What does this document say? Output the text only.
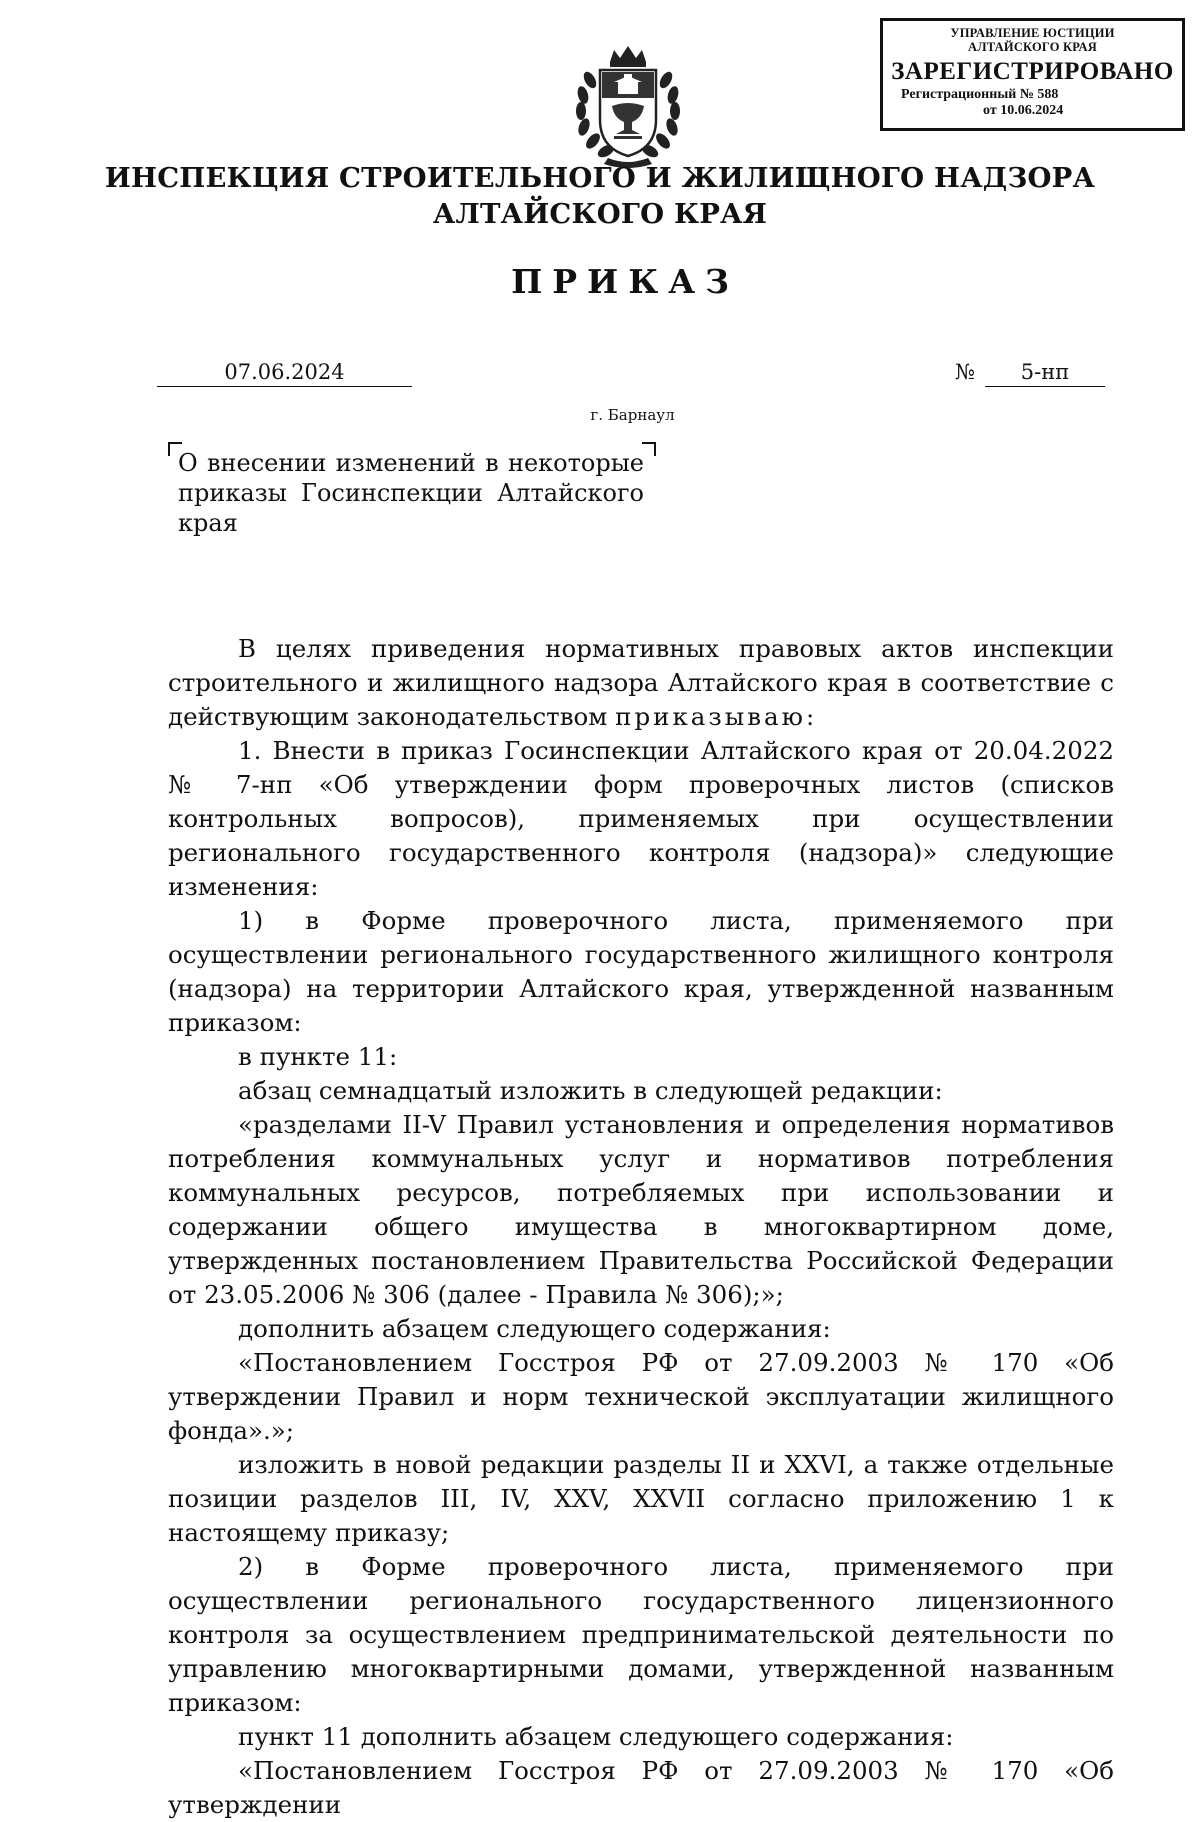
УПРАВЛЕНИЕ ЮСТИЦИИ
АЛТАЙСКОГО КРАЯ
ЗАРЕГИСТРИРОВАНО
Регистрационный № 588
от 10.06.2024
ИНСПЕКЦИЯ СТРОИТЕЛЬНОГО И ЖИЛИЩНОГО НАДЗОРА
АЛТАЙСКОГО КРАЯ
ПРИКАЗ
07.06.2024	№	5-нп
г. Барнаул
О внесении изменений в некоторые приказы Госинспекции Алтайского края

В целях приведения нормативных правовых актов инспекции строительного и жилищного надзора Алтайского края в соответствие с действующим законодательством приказываю:

1. Внести в приказ Госинспекции Алтайского края от 20.04.2022 № 7-нп «Об утверждении форм проверочных листов (списков контрольных вопросов), применяемых при осуществлении регионального государственного контроля (надзора)» следующие изменения:

1) в Форме проверочного листа, применяемого при осуществлении регионального государственного жилищного контроля (надзора) на территории Алтайского края, утвержденной названным приказом:

в пункте 11:

абзац семнадцатый изложить в следующей редакции:

«разделами II-V Правил установления и определения нормативов потребления коммунальных услуг и нормативов потребления коммунальных ресурсов, потребляемых при использовании и содержании общего имущества в многоквартирном доме, утвержденных постановлением Правительства Российской Федерации от 23.05.2006 № 306 (далее - Правила № 306);»;

дополнить абзацем следующего содержания:

«Постановлением Госстроя РФ от 27.09.2003 № 170 «Об утверждении Правил и норм технической эксплуатации жилищного фонда».»;

изложить в новой редакции разделы II и XXVI, а также отдельные позиции разделов III, IV, XXV, XXVII согласно приложению 1 к настоящему приказу;

2) в Форме проверочного листа, применяемого при осуществлении регионального государственного лицензионного контроля за осуществлением предпринимательской деятельности по управлению многоквартирными домами, утвержденной названным приказом:

пункт 11 дополнить абзацем следующего содержания:

«Постановлением Госстроя РФ от 27.09.2003 № 170 «Об утверждении
